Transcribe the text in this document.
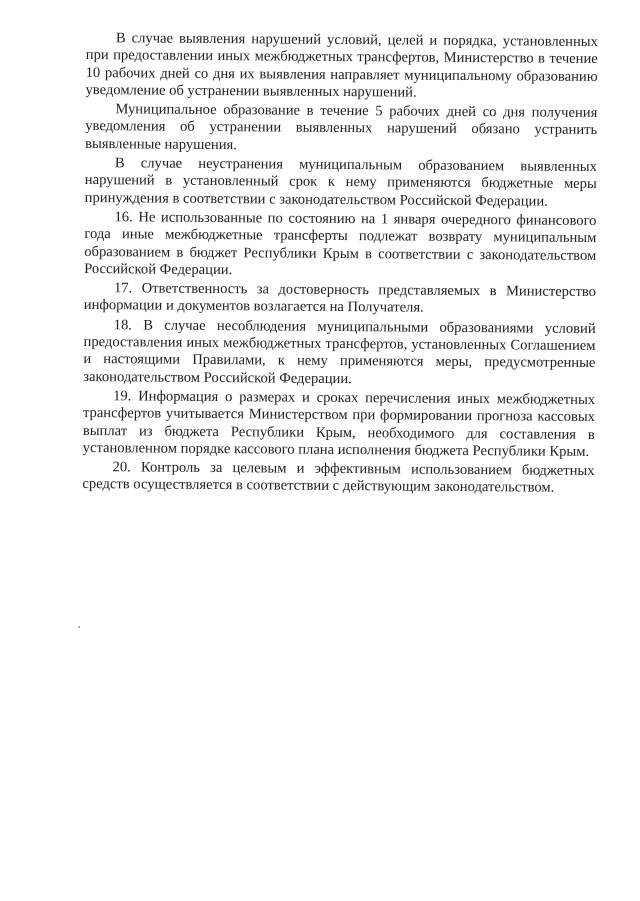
В случае выявления нарушений условий, целей и порядка, установленных при предоставлении иных межбюджетных трансфертов, Министерство в течение 10 рабочих дней со дня их выявления направляет муниципальному образованию уведомление об устранении выявленных нарушений.

Муниципальное образование в течение 5 рабочих дней со дня получения уведомления об устранении выявленных нарушений обязано устранить выявленные нарушения.

В случае неустранения муниципальным образованием выявленных нарушений в установленный срок к нему применяются бюджетные меры принуждения в соответствии с законодательством Российской Федерации.

16. Не использованные по состоянию на 1 января очередного финансового года иные межбюджетные трансферты подлежат возврату муниципальным образованием в бюджет Республики Крым в соответствии с законодательством Российской Федерации.

17. Ответственность за достоверность представляемых в Министерство информации и документов возлагается на Получателя.

18. В случае несоблюдения муниципальными образованиями условий предоставления иных межбюджетных трансфертов, установленных Соглашением и настоящими Правилами, к нему применяются меры, предусмотренные законодательством Российской Федерации.

19. Информация о размерах и сроках перечисления иных межбюджетных трансфертов учитывается Министерством при формировании прогноза кассовых выплат из бюджета Республики Крым, необходимого для составления в установленном порядке кассового плана исполнения бюджета Республики Крым.

20. Контроль за целевым и эффективным использованием бюджетных средств осуществляется в соответствии с действующим законодательством.
